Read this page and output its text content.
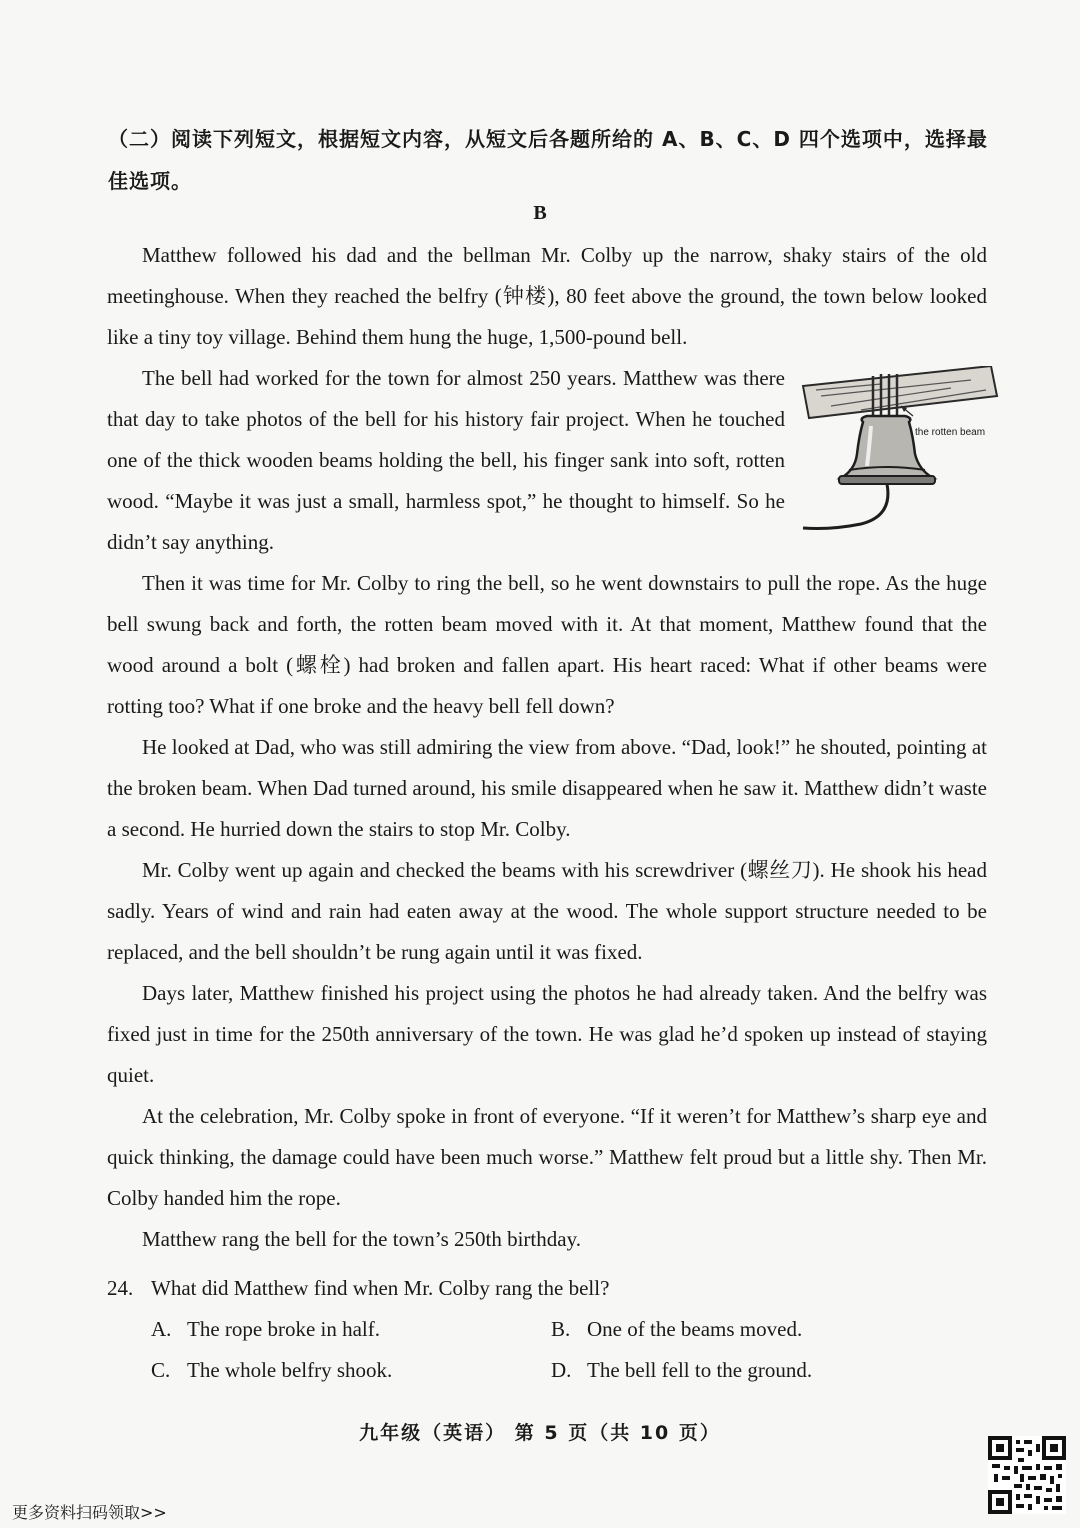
（二）阅读下列短文，根据短文内容，从短文后各题所给的 A、B、C、D 四个选项中，选择最佳选项。
B

Matthew followed his dad and the bellman Mr. Colby up the narrow, shaky stairs of the old meetinghouse. When they reached the belfry (钟楼), 80 feet above the ground, the town below looked like a tiny toy village. Behind them hung the huge, 1,500-pound bell.

the rotten beam

The bell had worked for the town for almost 250 years. Matthew was there that day to take photos of the bell for his history fair project. When he touched one of the thick wooden beams holding the bell, his finger sank into soft, rotten wood. “Maybe it was just a small, harmless spot,” he thought to himself. So he didn’t say anything.

Then it was time for Mr. Colby to ring the bell, so he went downstairs to pull the rope. As the huge bell swung back and forth, the rotten beam moved with it. At that moment, Matthew found that the wood around a bolt (螺栓) had broken and fallen apart. His heart raced: What if other beams were rotting too? What if one broke and the heavy bell fell down?

He looked at Dad, who was still admiring the view from above. “Dad, look!” he shouted, pointing at the broken beam. When Dad turned around, his smile disappeared when he saw it. Matthew didn’t waste a second. He hurried down the stairs to stop Mr. Colby.

Mr. Colby went up again and checked the beams with his screwdriver (螺丝刀). He shook his head sadly. Years of wind and rain had eaten away at the wood. The whole support structure needed to be replaced, and the bell shouldn’t be rung again until it was fixed.

Days later, Matthew finished his project using the photos he had already taken. And the belfry was fixed just in time for the 250th anniversary of the town. He was glad he’d spoken up instead of staying quiet.

At the celebration, Mr. Colby spoke in front of everyone. “If it weren’t for Matthew’s sharp eye and quick thinking, the damage could have been much worse.” Matthew felt proud but a little shy. Then Mr. Colby handed him the rope.

Matthew rang the bell for the town’s 250th birthday.

24. What did Matthew find when Mr. Colby rang the bell?
A. The rope broke in half.	B. One of the beams moved.
C. The whole belfry shook.	D. The bell fell to the ground.
九年级（英语） 第 5 页（共 10 页）
更多资料扫码领取>>
